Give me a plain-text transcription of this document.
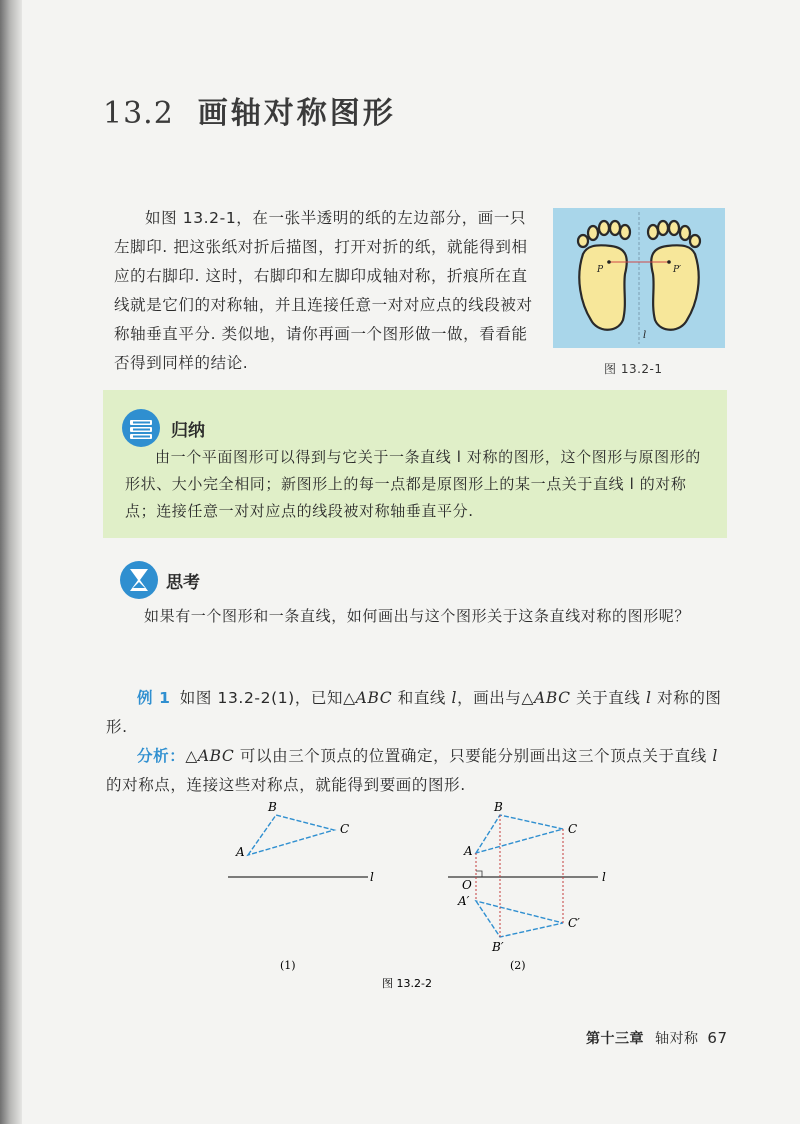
13.2 画轴对称图形

如图 13.2-1，在一张半透明的纸的左边部分，画一只左脚印. 把这张纸对折后描图，打开对折的纸，就能得到相应的右脚印. 这时，右脚印和左脚印成轴对称，折痕所在直线就是它们的对称轴，并且连接任意一对对应点的线段被对称轴垂直平分. 类似地，请你再画一个图形做一做，看看能否得到同样的结论.

P	P′
l
图 13.2-1
归纳

由一个平面图形可以得到与它关于一条直线 l 对称的图形，这个图形与原图形的形状、大小完全相同；新图形上的每一点都是原图形上的某一点关于直线 l 的对称点；连接任意一对对应点的线段被对称轴垂直平分.

思考

如果有一个图形和一条直线，如何画出与这个图形关于这条直线对称的图形呢？

例 1 如图 13.2-2(1)，已知△ABC 和直线 l，画出与△ABC 关于直线 l 对称的图形.

分析：△ABC 可以由三个顶点的位置确定，只要能分别画出这三个顶点关于直线 l 的对称点，连接这些对称点，就能得到要画的图形.

B
C
A
l
(1)
B
C
A
l
O
A′
C′
B′
(2)
图 13.2-2
第十三章 轴对称 67
